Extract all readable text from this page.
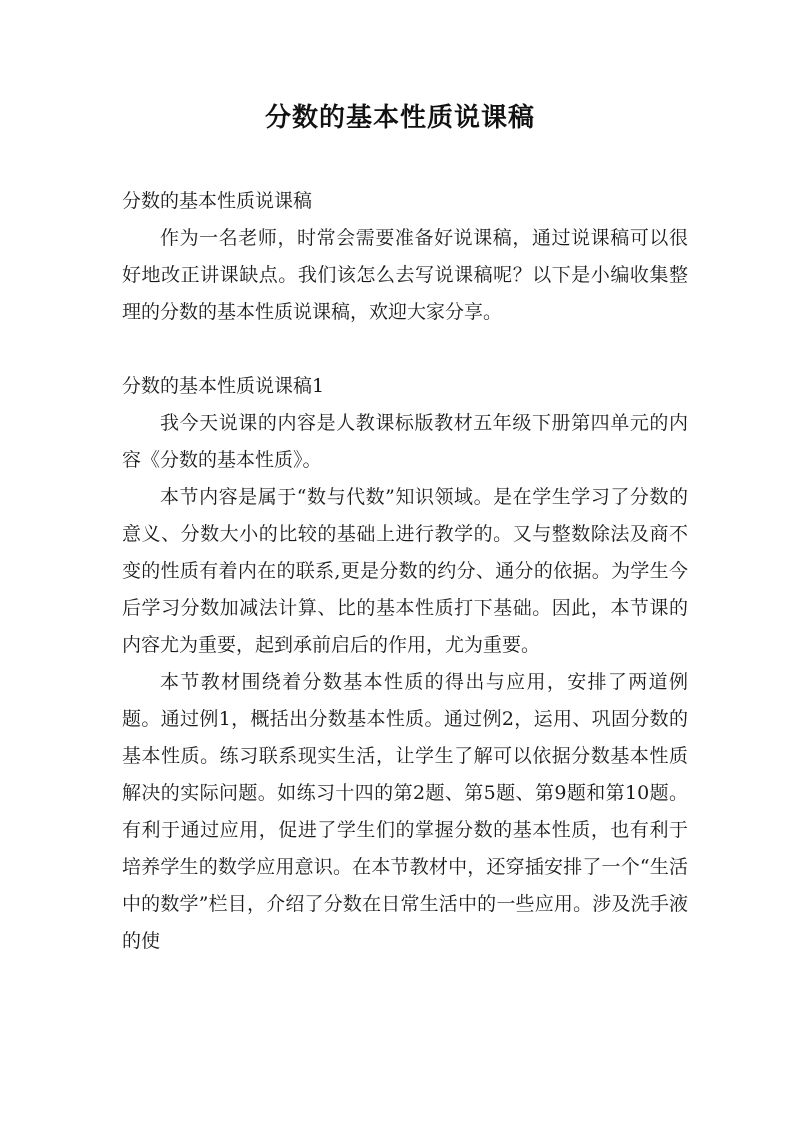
分数的基本性质说课稿

分数的基本性质说课稿

作为一名老师，时常会需要准备好说课稿，通过说课稿可以很好地改正讲课缺点。我们该怎么去写说课稿呢？以下是小编收集整理的分数的基本性质说课稿，欢迎大家分享。

分数的基本性质说课稿1

我今天说课的内容是人教课标版教材五年级下册第四单元的内容《分数的基本性质》。

本节内容是属于“数与代数”知识领域。是在学生学习了分数的意义、分数大小的比较的基础上进行教学的。又与整数除法及商不变的性质有着内在的联系,更是分数的约分、通分的依据。为学生今后学习分数加减法计算、比的基本性质打下基础。因此，本节课的内容尤为重要，起到承前启后的作用，尤为重要。

本节教材围绕着分数基本性质的得出与应用，安排了两道例题。通过例1，概括出分数基本性质。通过例2，运用、巩固分数的基本性质。练习联系现实生活，让学生了解可以依据分数基本性质解决的实际问题。如练习十四的第2题、第5题、第9题和第10题。有利于通过应用，促进了学生们的掌握分数的基本性质，也有利于培养学生的数学应用意识。在本节教材中，还穿插安排了一个“生活中的数学”栏目，介绍了分数在日常生活中的一些应用。涉及洗手液的使
